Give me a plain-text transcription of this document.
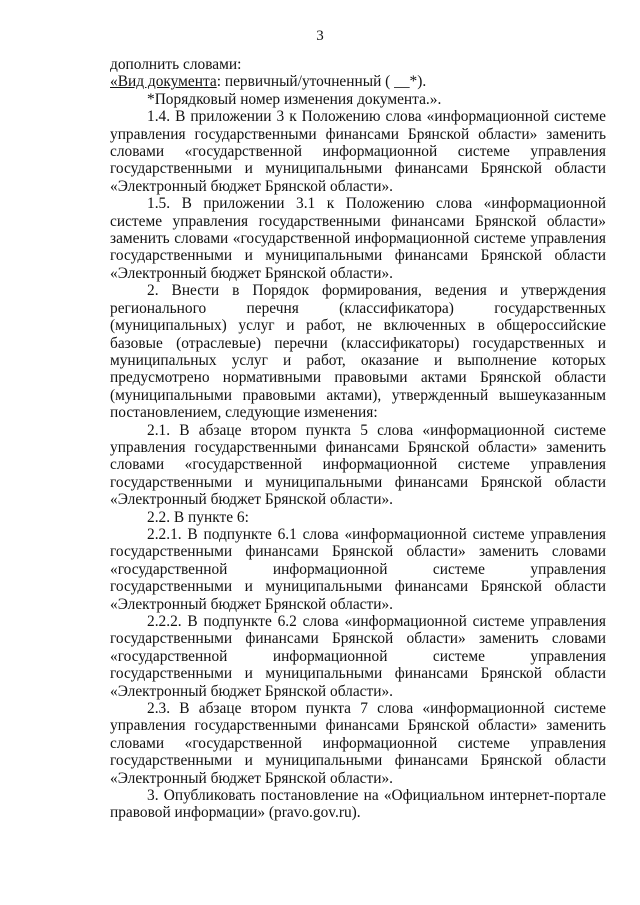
3

дополнить словами:

«Вид документа: первичный/уточненный ( __*).

*Порядковый номер изменения документа.».

1.4. В приложении 3 к Положению слова «информационной системе управления государственными финансами Брянской области» заменить словами «государственной информационной системе управления государственными и муниципальными финансами Брянской области «Электронный бюджет Брянской области».

1.5. В приложении 3.1 к Положению слова «информационной системе управления государственными финансами Брянской области» заменить словами «государственной информационной системе управления государственными и муниципальными финансами Брянской области «Электронный бюджет Брянской области».

2. Внести в Порядок формирования, ведения и утверждения регионального перечня (классификатора) государственных (муниципальных) услуг и работ, не включенных в общероссийские базовые (отраслевые) перечни (классификаторы) государственных и муниципальных услуг и работ, оказание и выполнение которых предусмотрено нормативными правовыми актами Брянской области (муниципальными правовыми актами), утвержденный вышеуказанным постановлением, следующие изменения:

2.1. В абзаце втором пункта 5 слова «информационной системе управления государственными финансами Брянской области» заменить словами «государственной информационной системе управления государственными и муниципальными финансами Брянской области «Электронный бюджет Брянской области».

2.2. В пункте 6:

2.2.1. В подпункте 6.1 слова «информационной системе управления государственными финансами Брянской области» заменить словами «государственной информационной системе управления государственными и муниципальными финансами Брянской области «Электронный бюджет Брянской области».

2.2.2. В подпункте 6.2 слова «информационной системе управления государственными финансами Брянской области» заменить словами «государственной информационной системе управления государственными и муниципальными финансами Брянской области «Электронный бюджет Брянской области».

2.3. В абзаце втором пункта 7 слова «информационной системе управления государственными финансами Брянской области» заменить словами «государственной информационной системе управления государственными и муниципальными финансами Брянской области «Электронный бюджет Брянской области».

3. Опубликовать постановление на «Официальном интернет-портале правовой информации» (pravo.gov.ru).
